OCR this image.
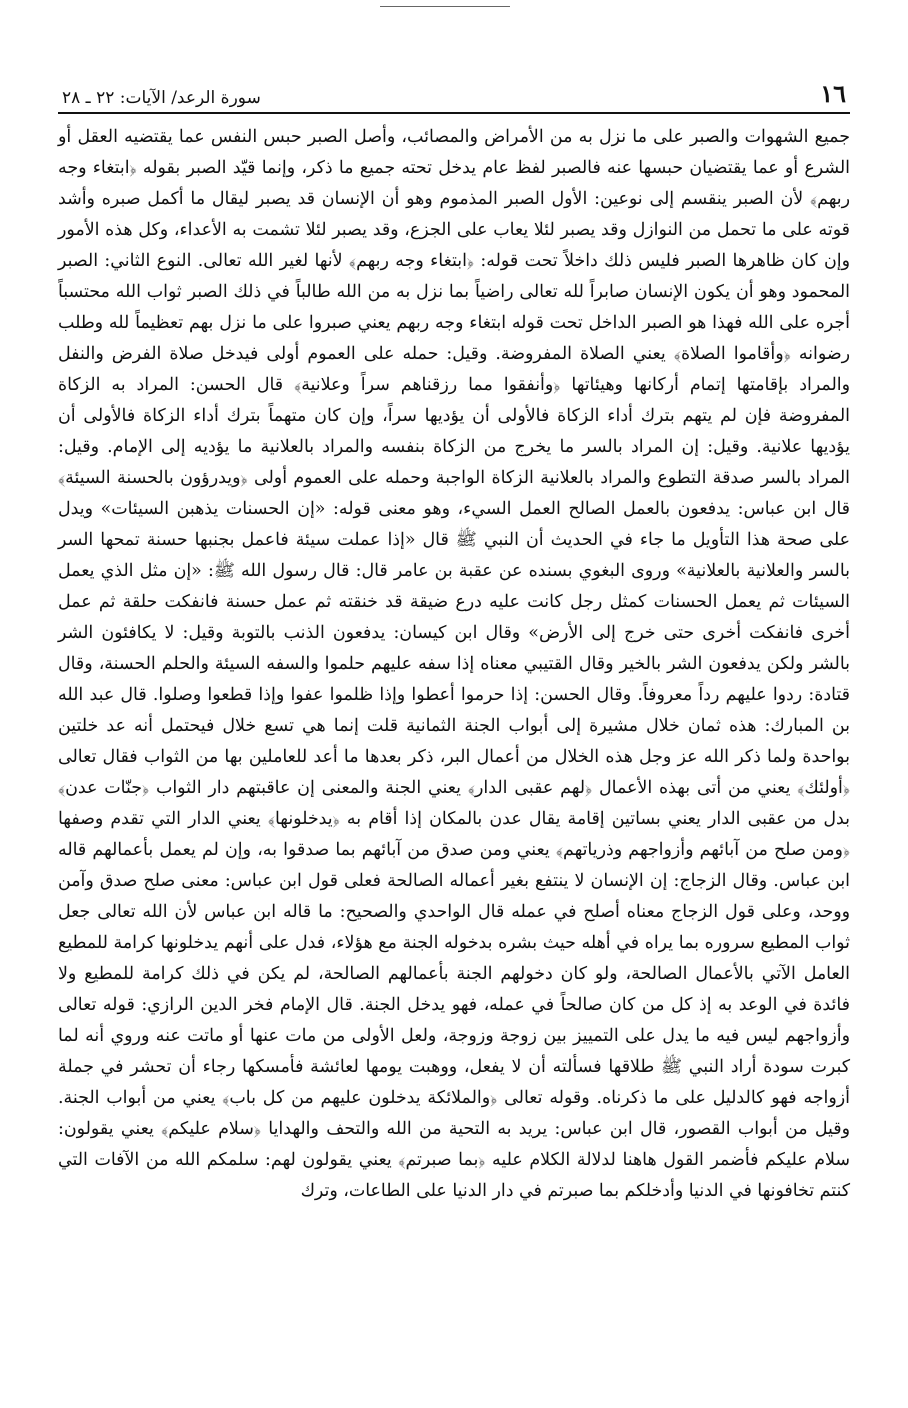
١٦
سورة الرعد/ الآيات: ٢٢ ـ ٢٨

جميع الشهوات والصبر على ما نزل به من الأمراض والمصائب، وأصل الصبر حبس النفس عما يقتضيه العقل أو الشرع أو عما يقتضيان حبسها عنه فالصبر لفظ عام يدخل تحته جميع ما ذكر، وإنما قيّد الصبر بقوله ﴿ابتغاء وجه ربهم﴾ لأن الصبر ينقسم إلى نوعين: الأول الصبر المذموم وهو أن الإنسان قد يصبر ليقال ما أكمل صبره وأشد قوته على ما تحمل من النوازل وقد يصبر لئلا يعاب على الجزع، وقد يصبر لئلا تشمت به الأعداء، وكل هذه الأمور وإن كان ظاهرها الصبر فليس ذلك داخلاً تحت قوله: ﴿ابتغاء وجه ربهم﴾ لأنها لغير الله تعالى. النوع الثاني: الصبر المحمود وهو أن يكون الإنسان صابراً لله تعالى راضياً بما نزل به من الله طالباً في ذلك الصبر ثواب الله محتسباً أجره على الله فهذا هو الصبر الداخل تحت قوله ابتغاء وجه ربهم يعني صبروا على ما نزل بهم تعظيماً لله وطلب رضوانه ﴿وأقاموا الصلاة﴾ يعني الصلاة المفروضة. وقيل: حمله على العموم أولى فيدخل صلاة الفرض والنفل والمراد بإقامتها إتمام أركانها وهيئاتها ﴿وأنفقوا مما رزقناهم سراً وعلانية﴾ قال الحسن: المراد به الزكاة المفروضة فإن لم يتهم بترك أداء الزكاة فالأولى أن يؤديها سراً، وإن كان متهماً بترك أداء الزكاة فالأولى أن يؤديها علانية. وقيل: إن المراد بالسر ما يخرج من الزكاة بنفسه والمراد بالعلانية ما يؤديه إلى الإمام. وقيل: المراد بالسر صدقة التطوع والمراد بالعلانية الزكاة الواجبة وحمله على العموم أولى ﴿ويدرؤون بالحسنة السيئة﴾ قال ابن عباس: يدفعون بالعمل الصالح العمل السيء، وهو معنى قوله: «إن الحسنات يذهبن السيئات» ويدل على صحة هذا التأويل ما جاء في الحديث أن النبي ﷺ قال «إذا عملت سيئة فاعمل بجنبها حسنة تمحها السر بالسر والعلانية بالعلانية» وروى البغوي بسنده عن عقبة بن عامر قال: قال رسول الله ﷺ: «إن مثل الذي يعمل السيئات ثم يعمل الحسنات كمثل رجل كانت عليه درع ضيقة قد خنقته ثم عمل حسنة فانفكت حلقة ثم عمل أخرى فانفكت أخرى حتى خرج إلى الأرض» وقال ابن كيسان: يدفعون الذنب بالتوبة وقيل: لا يكافئون الشر بالشر ولكن يدفعون الشر بالخير وقال القتيبي معناه إذا سفه عليهم حلموا والسفه السيئة والحلم الحسنة، وقال قتادة: ردوا عليهم رداً معروفاً. وقال الحسن: إذا حرموا أعطوا وإذا ظلموا عفوا وإذا قطعوا وصلوا. قال عبد الله بن المبارك: هذه ثمان خلال مشيرة إلى أبواب الجنة الثمانية قلت إنما هي تسع خلال فيحتمل أنه عد خلتين بواحدة ولما ذكر الله عز وجل هذه الخلال من أعمال البر، ذكر بعدها ما أعد للعاملين بها من الثواب فقال تعالى ﴿أولئك﴾ يعني من أتى بهذه الأعمال ﴿لهم عقبى الدار﴾ يعني الجنة والمعنى إن عاقبتهم دار الثواب ﴿جنّات عدن﴾ بدل من عقبى الدار يعني بساتين إقامة يقال عدن بالمكان إذا أقام به ﴿يدخلونها﴾ يعني الدار التي تقدم وصفها ﴿ومن صلح من آبائهم وأزواجهم وذرياتهم﴾ يعني ومن صدق من آبائهم بما صدقوا به، وإن لم يعمل بأعمالهم قاله ابن عباس. وقال الزجاج: إن الإنسان لا ينتفع بغير أعماله الصالحة فعلى قول ابن عباس: معنى صلح صدق وآمن ووحد، وعلى قول الزجاج معناه أصلح في عمله قال الواحدي والصحيح: ما قاله ابن عباس لأن الله تعالى جعل ثواب المطيع سروره بما يراه في أهله حيث بشره بدخوله الجنة مع هؤلاء، فدل على أنهم يدخلونها كرامة للمطيع العامل الآتي بالأعمال الصالحة، ولو كان دخولهم الجنة بأعمالهم الصالحة، لم يكن في ذلك كرامة للمطيع ولا فائدة في الوعد به إذ كل من كان صالحاً في عمله، فهو يدخل الجنة. قال الإمام فخر الدين الرازي: قوله تعالى وأزواجهم ليس فيه ما يدل على التمييز بين زوجة وزوجة، ولعل الأولى من مات عنها أو ماتت عنه وروي أنه لما كبرت سودة أراد النبي ﷺ طلاقها فسألته أن لا يفعل، ووهبت يومها لعائشة فأمسكها رجاء أن تحشر في جملة أزواجه فهو كالدليل على ما ذكرناه. وقوله تعالى ﴿والملائكة يدخلون عليهم من كل باب﴾ يعني من أبواب الجنة. وقيل من أبواب القصور، قال ابن عباس: يريد به التحية من الله والتحف والهدايا ﴿سلام عليكم﴾ يعني يقولون: سلام عليكم فأضمر القول هاهنا لدلالة الكلام عليه ﴿بما صبرتم﴾ يعني يقولون لهم: سلمكم الله من الآفات التي كنتم تخافونها في الدنيا وأدخلكم بما صبرتم في دار الدنيا على الطاعات، وترك
